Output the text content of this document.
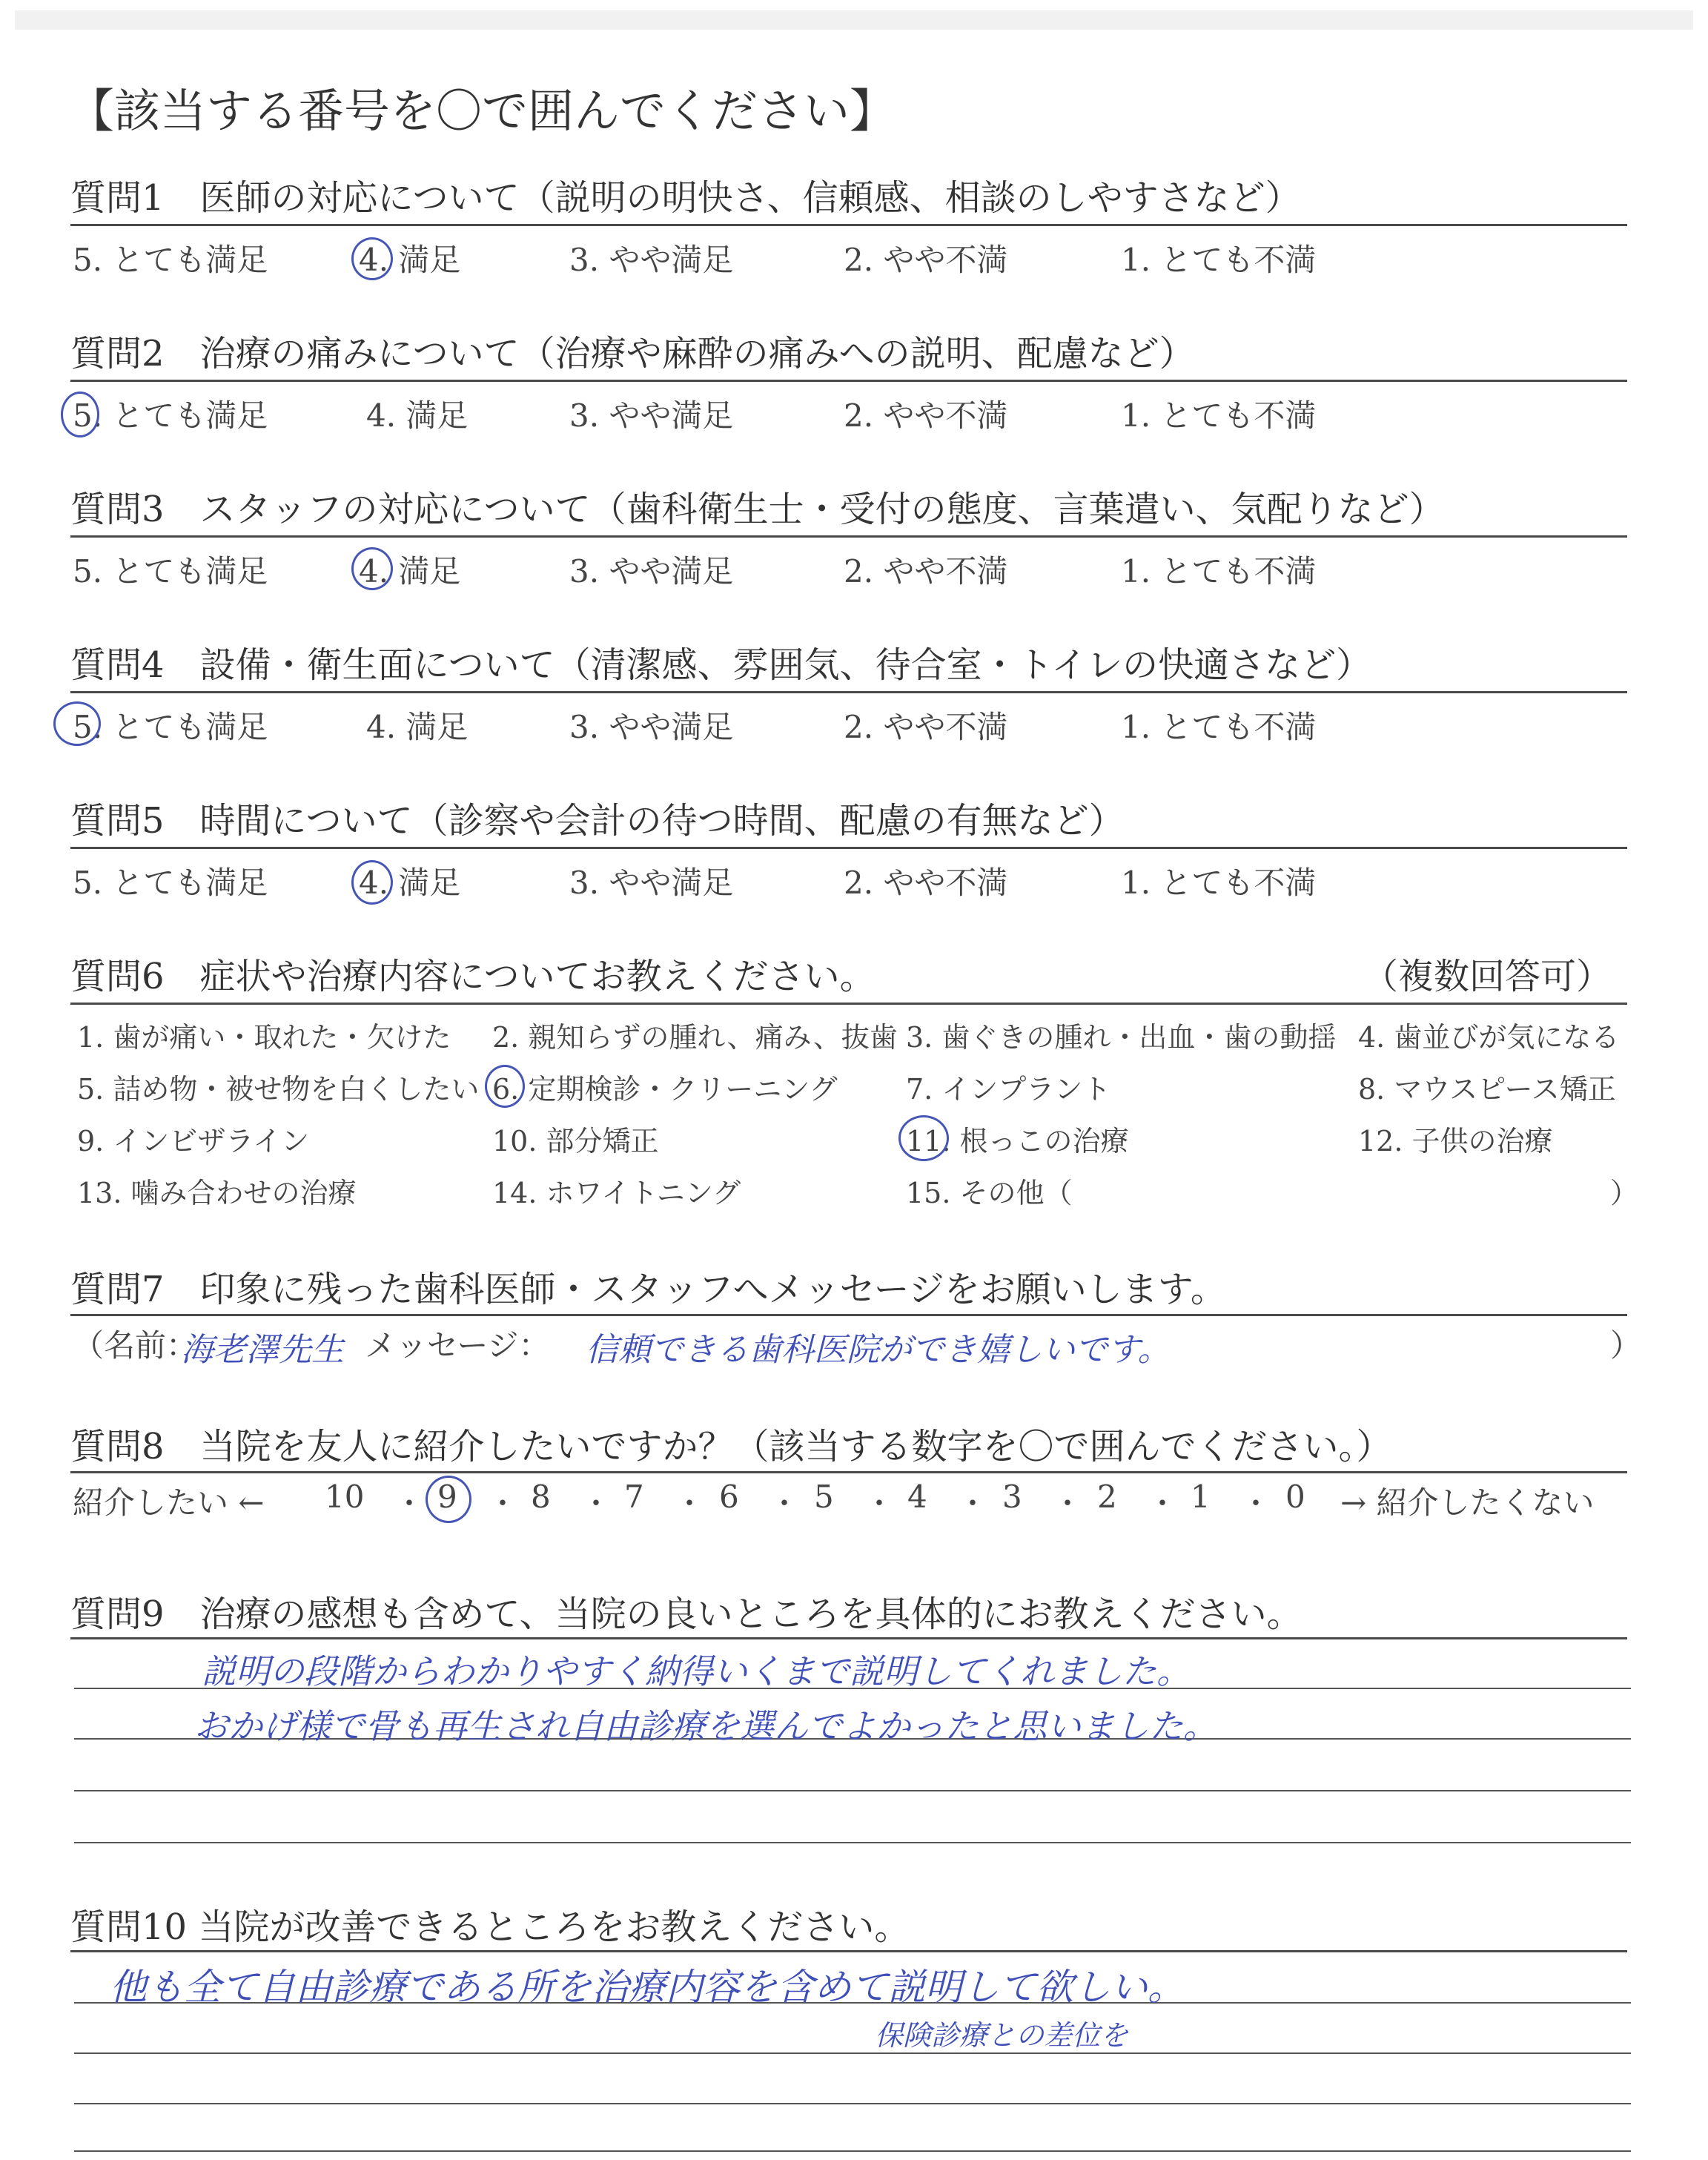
【該当する番号を〇で囲んでください】
質問1　医師の対応について（説明の明快さ、信頼感、相談のしやすさなど）
5. とても満足	4. 満足	3. やや満足	2. やや不満	1. とても不満
質問2　治療の痛みについて（治療や麻酔の痛みへの説明、配慮など）
5. とても満足	4. 満足	3. やや満足	2. やや不満	1. とても不満
質問3　スタッフの対応について（歯科衛生士・受付の態度、言葉遣い、気配りなど）
5. とても満足	4. 満足	3. やや満足	2. やや不満	1. とても不満
質問4　設備・衛生面について（清潔感、雰囲気、待合室・トイレの快適さなど）
5. とても満足	4. 満足	3. やや満足	2. やや不満	1. とても不満
質問5　時間について（診察や会計の待つ時間、配慮の有無など）
5. とても満足	4. 満足	3. やや満足	2. やや不満	1. とても不満
質問6　症状や治療内容についてお教えください。	（複数回答可）
1. 歯が痛い・取れた・欠けた 2. 親知らずの腫れ、痛み、抜歯 3. 歯ぐきの腫れ・出血・歯の動揺 4. 歯並びが気になる
5. 詰め物・被せ物を白くしたい 6. 定期検診・クリーニング 7. インプラント	8. マウスピース矯正
9. インビザライン	10. 部分矯正	11. 根っこの治療	12. 子供の治療
13. 噛み合わせの治療	14. ホワイトニング	15. その他（	）
質問7　印象に残った歯科医師・スタッフへメッセージをお願いします。
（名前：
海老澤先生 メッセージ： 信頼できる歯科医院ができ嬉しいです。	）
質問8　当院を友人に紹介したいですか？（該当する数字を〇で囲んでください。）
紹介したい ← 10 ・ 9 ・ 8 ・ 7 ・ 6 ・ 5 ・ 4 ・ 3 ・ 2 ・ 1 ・ 0 → 紹介したくない
質問9　治療の感想も含めて、当院の良いところを具体的にお教えください。
説明の段階からわかりやすく納得いくまで説明してくれました。
おかげ様で骨も再生され自由診療を選んでよかったと思いました。
質問10 当院が改善できるところをお教えください。
他も全て自由診療である所を治療内容を含めて説明して欲しい。
保険診療との差位を
